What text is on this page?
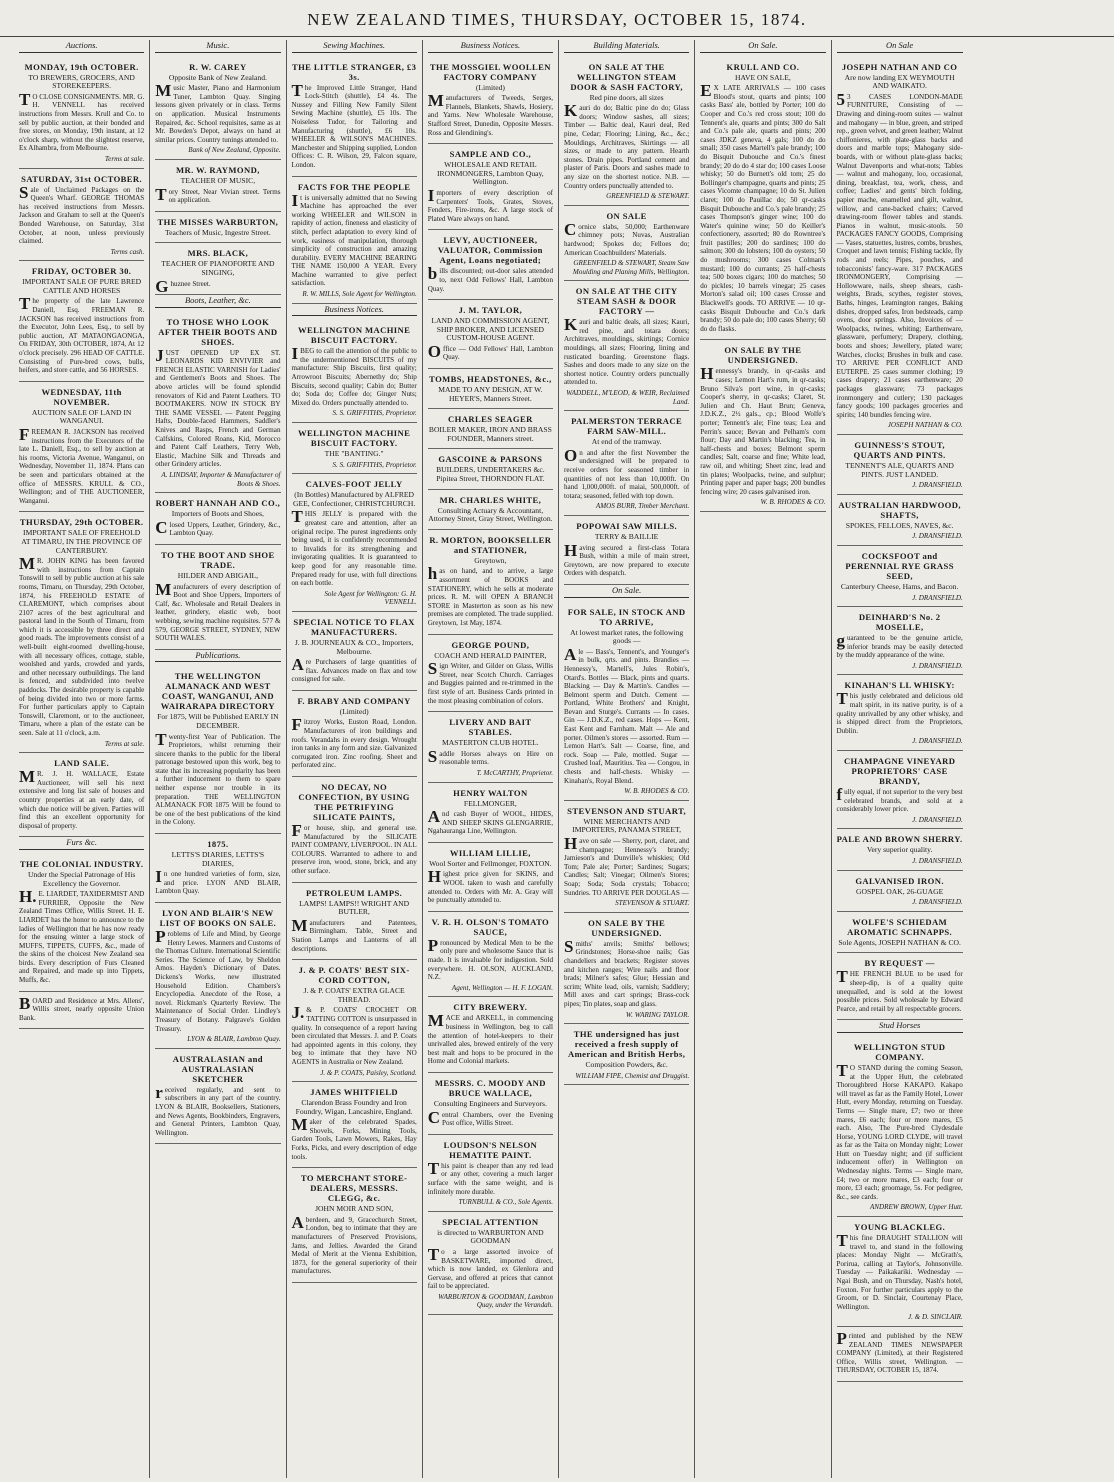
NEW ZEALAND TIMES, THURSDAY, OCTOBER 15, 1874.
Auctions.
MONDAY, 19th OCTOBER.
TO BREWERS, GROCERS, AND STOREKEEPERS.
TO CLOSE CONSIGNMENTS. MR. G. H. VENNELL has received instructions from Messrs. Krull and Co. to sell by public auction, at their bonded and free stores, on Monday, 19th instant, at 12 o'clock sharp, without the slightest reserve, Ex Alhambra, from Melbourne.
Terms at sale.
SATURDAY, 31st OCTOBER.
Sale of Unclaimed Packages on the Queen's Wharf. GEORGE THOMAS has received instructions from Messrs. Jackson and Graham to sell at the Queen's Bonded Warehouse, on Saturday, 31st October, at noon, unless previously claimed.
Terms cash.
FRIDAY, OCTOBER 30.
IMPORTANT SALE OF PURE BRED CATTLE AND HORSES
The property of the late Lawrence Daniell, Esq. FREEMAN R. JACKSON has received instructions from the Executor, John Lees, Esq., to sell by public auction, AT MATAONGAONGA, On FRIDAY, 30th OCTOBER, 1874, At 12 o'clock precisely. 296 HEAD OF CATTLE. Consisting of Pure-bred cows, bulls, heifers, and store cattle, and 56 HORSES.
WEDNESDAY, 11th NOVEMBER.
AUCTION SALE OF LAND IN WANGANUI.
FREEMAN R. JACKSON has received instructions from the Executors of the late L. Daniell, Esq., to sell by auction at his rooms, Victoria Avenue, Wanganui, on Wednesday, November 11, 1874. Plans can be seen and particulars obtained at the office of MESSRS. KRULL & CO., Wellington; and of THE AUCTIONEER, Wanganui.
THURSDAY, 29th OCTOBER.
IMPORTANT SALE OF FREEHOLD AT TIMARU, IN THE PROVINCE OF CANTERBURY.
MR. JOHN KING has been favored with instructions from Captain Tonswill to sell by public auction at his sale rooms, Timaru, on Thursday, 29th October, 1874, his FREEHOLD ESTATE of CLAREMONT, which comprises about 2107 acres of the best agricultural and pastoral land in the South of Timaru, from which it is accessible by three direct and good roads. The improvements consist of a well-built eight-roomed dwelling-house, with all necessary offices, cottage, stable, woolshed and yards, crowded and yards, and other necessary outbuildings. The land is fenced, and subdivided into twelve paddocks. The desirable property is capable of being divided into two or more farms. For further particulars apply to Captain Tonswill, Claremont, or to the auctioneer, Timaru, where a plan of the estate can be seen. Sale at 11 o'clock, a.m.
Terms at sale.
LAND SALE.
MR. J. H. WALLACE, Estate Auctioneer, will sell his next extensive and long list sale of houses and country properties at an early date, of which due notice will be given. Parties will find this an excellent opportunity for disposal of property.
Furs &c.
THE COLONIAL INDUSTRY.
Under the Special Patronage of His Excellency the Governor.
H.E. LIARDET, TAXIDERMIST AND FURRIER, Opposite the New Zealand Times Office, Willis Street. H. E. LIARDET has the honor to announce to the ladies of Wellington that he has now ready for the ensuing winter a large stock of MUFFS, TIPPETS, CUFFS, &c., made of the skins of the choicest New Zealand sea birds. Every description of Furs Cleaned and Repaired, and made up into Tippets, Muffs, &c.
BOARD and Residence at Mrs. Allens', Willis street, nearly opposite Union Bank.
Music.
R. W. CAREY
Opposite Bank of New Zealand.
Music Master, Piano and Harmonium Tuner, Lambton Quay. Singing lessons given privately or in class. Terms on application. Musical Instruments Repaired, &c. School requisites, same as at Mr. Bowden's Depot, always on hand at similar prices. Country tunings attended to.
Bank of New Zealand, Opposite.
MR. W. RAYMOND,
TEACHER OF MUSIC,
Tory Street, Near Vivian street. Terms on application.
THE MISSES WARBURTON,
Teachers of Music, Ingestre Street.
MRS. BLACK,
TEACHER OF PIANOFORTE AND SINGING,
Ghuznee Street.
Boots, Leather, &c.
TO THOSE WHO LOOK AFTER THEIR BOOTS AND SHOES.
JUST OPENED UP EX ST. LEONARDS KID ENVIVIER and FRENCH ELASTIC VARNISH for Ladies' and Gentlemen's Boots and Shoes. The above articles will be found splendid renovators of Kid and Patent Leathers. TO BOOTMAKERS. NOW IN STOCK BY THE SAME VESSEL — Patent Pegging Hafts, Double-faced Hammers, Saddler's Knives and Rasps, French and German Calfskins, Colored Roans, Kid, Morocco and Patent Calf Leathers, Terry Web, Elastic, Machine Silk and Threads and other Grindery articles.
A. LINDSAY, Importer & Manufacturer of Boots & Shoes.
ROBERT HANNAH AND CO.,
Importers of Boots and Shoes,
Closed Uppers, Leather, Grindery, &c., Lambton Quay.
TO THE BOOT AND SHOE TRADE.
HILDER AND ABIGAIL,
Manufacturers of every description of Boot and Shoe Uppers, Importers of Calf, &c. Wholesale and Retail Dealers in leather, grindery, elastic web, boot webbing, sewing machine requisites. 577 & 579, GEORGE STREET, SYDNEY, NEW SOUTH WALES.
Publications.
THE WELLINGTON ALMANACK AND WEST COAST, WANGANUI, AND WAIRARAPA DIRECTORY
For 1875, Will be Published EARLY IN DECEMBER.
Twenty-first Year of Publication. The Proprietors, whilst returning their sincere thanks to the public for the liberal patronage bestowed upon this work, beg to state that its increasing popularity has been a further inducement to them to spare neither expense nor trouble in its preparation. THE WELLINGTON ALMANACK FOR 1875 Will be found to be one of the best publications of the kind in the Colony.
1875.
LETTS'S DIARIES, LETTS'S DIARIES,
In one hundred varieties of form, size, and price. LYON AND BLAIR, Lambton Quay.
LYON AND BLAIR'S NEW LIST OF BOOKS ON SALE.
Problems of Life and Mind, by George Henry Lewes. Manners and Customs of the Thomas Culture. International Scientific Series. The Science of Law, by Sheldon Amos. Hayden's Dictionary of Dates. Dickens's Works, new illustrated Household Edition. Chambers's Encyclopedia. Anecdote of the Rose, a novel. Rickman's Quarterly Review. The Maintenance of Social Order. Lindley's Treasury of Botany. Palgrave's Golden Treasury.
LYON & BLAIR, Lambton Quay.
AUSTRALASIAN and AUSTRALASIAN SKETCHER
received regularly, and sent to subscribers in any part of the country. LYON & BLAIR, Booksellers, Stationers, and News Agents, Bookbinders, Engravers, and General Printers, Lambton Quay, Wellington.
Sewing Machines.
THE LITTLE STRANGER, £3 3s.
The Improved Little Stranger, Hand Lock-Stitch (shuttle), £4 4s. The Nussey and Filling New Family Silent Sewing Machine (shuttle), £5 10s. The Noiseless Tudor, for Tailoring and Manufacturing (shuttle), £6 10s. WHEELER & WILSON'S MACHINES. Manchester and Shipping supplied, London Offices: C. R. Wilson, 29, Falcon square, London.
FACTS FOR THE PEOPLE
It is universally admitted that no Sewing Machine has approached the ever working WHEELER and WILSON in rapidity of action, fineness and elasticity of stitch, perfect adaptation to every kind of work, easiness of manipulation, thorough simplicity of construction and amazing durability. EVERY MACHINE BEARING THE NAME 150,000 A YEAR. Every Machine warranted to give perfect satisfaction.
R. W. MILLS, Sole Agent for Wellington.
Business Notices.
WELLINGTON MACHINE BISCUIT FACTORY.
IBEG to call the attention of the public to the undermentioned BISCUITS of my manufacture: Ship Biscuits, first quality; Arrowroot Biscuits; Abernethy do; Ship Biscuits, second quality; Cabin do; Butter do; Soda do; Coffee do; Ginger Nuts; Mixed do. Orders punctually attended to.
S. S. GRIFFITHS, Proprietor.
WELLINGTON MACHINE BISCUIT FACTORY.
THE "BANTING."
S. S. GRIFFITHS, Proprietor.
CALVES-FOOT JELLY
(In Bottles) Manufactured by ALFRED GEE, Confectioner, CHRISTCHURCH.
THIS JELLY is prepared with the greatest care and attention, after an original recipe. The purest ingredients only being used, it is confidently recommended to Invalids for its strengthening and invigorating qualities. It is guaranteed to keep good for any reasonable time. Prepared ready for use, with full directions on each bottle.
Sole Agent for Wellington: G. H. VENNELL.
SPECIAL NOTICE TO FLAX MANUFACTURERS.
J. B. JOURNEAUX & CO., Importers, Melbourne.
Are Purchasers of large quantities of flax. Advances made on flax and tow consigned for sale.
F. BRABY AND COMPANY
(Limited)
Fitzroy Works, Euston Road, London. Manufacturers of iron buildings and roofs. Verandahs in every design. Wrought iron tanks in any form and size. Galvanized corrugated iron. Zinc roofing. Sheet and perforated zinc.
NO DECAY, NO CONFECTION, BY USING THE PETRIFYING SILICATE PAINTS,
For house, ship, and general use. Manufactured by the SILICATE PAINT COMPANY, LIVERPOOL. IN ALL COLOURS. Warranted to adhere to and preserve iron, wood, stone, brick, and any other surface.
PETROLEUM LAMPS.
LAMPS! LAMPS!! WRIGHT AND BUTLER,
Manufacturers and Patentees, Birmingham. Table, Street and Station Lamps and Lanterns of all descriptions.
J. & P. COATS' BEST SIX-CORD COTTON,
J. & P. COATS' EXTRA GLACE THREAD.
J.& P. COATS' CROCHET OR TATTING COTTON is unsurpassed in quality. In consequence of a report having been circulated that Messrs. J. and P. Coats had appointed agents in this colony, they beg to intimate that they have NO AGENTS in Australia or New Zealand.
J. & P. COATS, Paisley, Scotland.
JAMES WHITFIELD
Clarendon Brass Foundry and Iron Foundry, Wigan, Lancashire, England.
Maker of the celebrated Spades, Shovels, Forks, Mining Tools, Garden Tools, Lawn Mowers, Rakes, Hay Forks, Picks, and every description of edge tools.
TO MERCHANT STORE-DEALERS, MESSRS. CLEGG, &c.
JOHN MOIR AND SON,
Aberdeen, and 9, Gracechurch Street, London, beg to intimate that they are manufacturers of Preserved Provisions, Jams, and Jellies. Awarded the Grand Medal of Merit at the Vienna Exhibition, 1873, for the general superiority of their manufactures.
Business Notices.
THE MOSSGIEL WOOLLEN FACTORY COMPANY
(Limited)
Manufacturers of Tweeds, Serges, Flannels, Blankets, Shawls, Hosiery, and Yarns. New Wholesale Warehouse, Stafford Street, Dunedin, Opposite Messrs. Ross and Glendining's.
SAMPLE AND CO.,
WHOLESALE AND RETAIL IRONMONGERS, Lambton Quay, Wellington.
Importers of every description of Carpenters' Tools, Grates, Stoves, Fenders, Fire-irons, &c. A large stock of Plated Ware always on hand.
LEVY, AUCTIONEER, VALUATOR, Commission Agent, Loans negotiated;
bills discounted; out-door sales attended to, next Odd Fellows' Hall, Lambton Quay.
J. M. TAYLOR,
LAND AND COMMISSION AGENT, SHIP BROKER, AND LICENSED CUSTOM-HOUSE AGENT.
Office — Odd Fellows' Hall, Lambton Quay.
TOMBS, HEADSTONES, &c.,
MADE TO ANY DESIGN, AT W. HEYER'S, Manners Street.
CHARLES SEAGER
BOILER MAKER, IRON AND BRASS FOUNDER, Manners street.
GASCOINE & PARSONS
BUILDERS, UNDERTAKERS &c. Pipitea Street, THORNDON FLAT.
MR. CHARLES WHITE,
Consulting Actuary & Accountant, Attorney Street, Gray Street, Wellington.
R. MORTON, BOOKSELLER and STATIONER,
Greytown,
has on hand, and to arrive, a large assortment of BOOKS and STATIONERY, which he sells at moderate prices. R. M. will OPEN A BRANCH STORE in Masterton as soon as his new premises are completed. The trade supplied. Greytown, 1st May, 1874.
GEORGE POUND,
COACH AND HERALD PAINTER,
Sign Writer, and Gilder on Glass, Willis Street, near Scotch Church. Carriages and Buggies painted and re-trimmed in the first style of art. Business Cards printed in the most pleasing combination of colors.
LIVERY AND BAIT STABLES.
MASTERTON CLUB HOTEL.
Saddle Horses always on Hire on reasonable terms.
T. McCARTHY, Proprietor.
HENRY WALTON
FELLMONGER,
And cash Buyer of WOOL, HIDES, AND SHEEP SKINS GLENGARRIE, Ngahauranga Line, Wellington.
WILLIAM LILLIE,
Wool Sorter and Fellmonger, FOXTON.
Highest price given for SKINS, and WOOL taken to wash and carefully attended to. Orders with Mr. A. Gray will be punctually attended to.
V. R. H. OLSON'S TOMATO SAUCE,
Pronounced by Medical Men to be the only pure and wholesome Sauce that is made. It is invaluable for indigestion. Sold everywhere. H. OLSON, AUCKLAND, N.Z.
Agent, Wellington — H. F. LOGAN.
CITY BREWERY.
MACE and ARKELL, in commencing business in Wellington, beg to call the attention of hotel-keepers to their unrivalled ales, brewed entirely of the very best malt and hops to be procured in the Home and Colonial markets.
MESSRS. C. MOODY AND BRUCE WALLACE,
Consulting Engineers and Surveyors.
Central Chambers, over the Evening Post office, Willis Street.
LOUDSON'S NELSON HEMATITE PAINT.
This paint is cheaper than any red lead or any other, covering a much larger surface with the same weight, and is infinitely more durable.
TURNBULL & CO., Sole Agents.
SPECIAL ATTENTION
is directed to WARBURTON AND GOODMAN
To a large assorted invoice of BASKETWARE, imported direct, which is now landed, ex Glenlora and Gervase, and offered at prices that cannot fail to be appreciated.
WARBURTON & GOODMAN, Lambton Quay, under the Verandah.
Building Materials.
ON SALE AT THE WELLINGTON STEAM DOOR & SASH FACTORY,
Red pine doors, all sizes
Kauri do do; Baltic pine do do; Glass doors; Window sashes, all sizes; Timber — Baltic deal, Kauri deal, Red pine, Cedar; Flooring; Lining, &c., &c.; Mouldings, Architraves, Skirtings — all sizes, or made to any pattern. Hearth stones. Drain pipes. Portland cement and plaster of Paris. Doors and sashes made to any size on the shortest notice. N.B. — Country orders punctually attended to.
GREENFIELD & STEWART.
ON SALE
Cornice slabs, 50,000; Earthenware chimney pots; Nuvas, Australian hardwood; Spokes do; Felloes do; American Coachbuilders' Materials.
GREENFIELD & STEWART, Steam Saw Moulding and Planing Mills, Wellington.
ON SALE AT THE CITY STEAM SASH & DOOR FACTORY —
Kauri and baltic deals, all sizes; Kauri, red pine, and totara doors; Architraves, mouldings, skirtings; Cornice mouldings, all sizes; Flooring, lining and rusticated boarding. Greenstone flags. Sashes and doors made to any size on the shortest notice. Country orders punctually attended to.
WADDELL, M'LEOD, & WEIR, Reclaimed Land.
PALMERSTON TERRACE FARM SAW-MILL.
At end of the tramway.
On and after the first November the undersigned will be prepared to receive orders for seasoned timber in quantities of not less than 10,000ft. On hand 1,000,000ft. of maiai, 500,000ft. of totara; seasoned, felled with top down.
AMOS BURR, Timber Merchant.
POPOWAI SAW MILLS.
TERRY & BAILLIE
Having secured a first-class Totara Bush, within a mile of main street, Greytown, are now prepared to execute Orders with despatch.
On Sale.
FOR SALE, IN STOCK AND TO ARRIVE,
At lowest market rates, the following goods —
Ale — Bass's, Tennent's, and Younger's in bulk, qrts. and pints. Brandies — Hennessy's, Martell's, Jules Robin's, Otard's. Bottles — Black, pints and quarts. Blacking — Day & Martin's. Candles — Belmont sperm and Dutch. Cement — Portland, White Brothers' and Knight, Bevan and Sturge's. Currants — In cases. Gin — J.D.K.Z., red cases. Hops — Kent, East Kent and Farnham. Malt — Ale and porter. Oilmen's stores — assorted. Rum — Lemon Hart's. Salt — Coarse, fine, and rock. Soap — Pale, mottled. Sugar — Crushed loaf, Mauritius. Tea — Congou, in chests and half-chests. Whisky — Kinahan's, Royal Blend.
W. B. RHODES & CO.
STEVENSON AND STUART,
WINE MERCHANTS AND IMPORTERS, PANAMA STREET,
Have on sale — Sherry, port, claret, and champagne; Hennessy's brandy; Jamieson's and Dunville's whiskies; Old Tom; Pale ale; Porter; Sardines; Sugars; Candles; Salt; Vinegar; Oilmen's Stores; Soap; Soda; Soda crystals; Tobacco; Sundries. TO ARRIVE PER DOUGLAS —
STEVENSON & STUART.
ON SALE BY THE UNDERSIGNED.
Smiths' anvils; Smiths' bellows; Grindstones; Horse-shoe nails; Gas chandeliers and brackets; Register stoves and kitchen ranges; Wire nails and floor brads; Milner's safes; Glue; Hessian and scrim; White lead, oils, varnish; Saddlery; Mill axes and cart springs; Brass-cock pipes; Tin plates, soap and glass.
W. WARING TAYLOR.
THE undersigned has just received a fresh supply of American and British Herbs,
Composition Powders, &c.
WILLIAM FIPE, Chemist and Druggist.
On Sale.
KRULL AND CO.
HAVE ON SALE,
EX LATE ARRIVALS — 100 cases Blood's stout, quarts and pints; 100 casks Bass' ale, bottled by Porter; 100 do Cooper and Co.'s red cross stout; 100 do Tennent's ale, quarts and pints; 300 do Salt and Co.'s pale ale, quarts and pints; 200 cases JDKZ geneva, 4 gals; 100 do do small; 350 cases Martell's pale brandy; 100 do Bisquit Dubouche and Co.'s finest brandy; 20 do do 4 star do; 100 cases Loose whisky; 50 do Burnett's old tom; 25 do Bollinger's champagne, quarts and pints; 25 cases Vicomte champagne; 10 do St. Julien claret; 100 do Pauillac do; 50 qr-casks Bisquit Dubouche and Co.'s pale brandy; 25 cases Thompson's ginger wine; 100 do Water's quinine wine; 50 do Keiller's confectionery, assorted; 80 do Rowntree's fruit pastilles; 200 do sardines; 100 do salmon; 300 do lobsters; 100 do oysters; 50 do mushrooms; 300 cases Colman's mustard; 100 do currants; 25 half-chests tea; 500 boxes cigars; 100 do matches; 50 do pickles; 10 barrels vinegar; 25 cases Morton's salad oil; 100 cases Crosse and Blackwell's goods. TO ARRIVE — 10 qr-casks Bisquit Dubouche and Co.'s dark brandy; 50 do pale do; 100 cases Sherry; 60 do do flasks.
ON SALE BY THE UNDERSIGNED.
Hennessy's brandy, in qr-casks and cases; Lemon Hart's rum, in qr-casks; Bruno Silva's port wine, in qr-casks; Cooper's sherry, in qr-casks; Claret, St. Julien and Ch. Haut Brun; Geneva, J.D.K.Z., 2½ gals., cp.; Blood Wolfe's porter; Tennent's ale; Fine teas; Lea and Perrin's sauce; Bevan and Pelham's corn flour; Day and Martin's blacking; Tea, in half-chests and boxes; Belmont sperm candles; Salt, coarse and fine; White lead, raw oil, and whiting; Sheet zinc, lead and tin plates; Woolpacks, twine, and sulphur; Printing paper and paper bags; 200 bundles fencing wire; 20 cases galvanised iron.
W. B. RHODES & CO.
On Sale
JOSEPH NATHAN AND CO
Are now landing EX WEYMOUTH AND WAIKATO.
53 CASES LONDON-MADE FURNITURE, Consisting of — Drawing and dining-room suites — walnut and mahogany — in blue, green, and striped rep., green velvet, and green leather; Walnut chiffonieres, with plate-glass backs and doors and marble tops; Mahogany side-boards, with or without plate-glass backs; Walnut Davenports and what-nots; Tables — walnut and mahogany, loo, occasional, dining, breakfast, tea, work, chess, and coffee; Ladies' and gents' birch folding, papier mache, enamelled and gilt, walnut, willow, and cane-backed chairs; Carved drawing-room flower tables and stands. Pianos in walnut, music-stools. 50 PACKAGES FANCY GOODS, Comprising — Vases, statuettes, lustres, combs, brushes, Croquet and lawn tennis; Fishing tackle, fly rods and reels; Pipes, pouches, and tobacconists' fancy-ware. 317 PACKAGES IRONMONGERY, Comprising — Hollowware, nails, sheep shears, cash-weights, Brads, scythes, register stoves, Baths, hinges, Leamington ranges, Baking dishes, dropped safes, Iron bedsteads, camp ovens, door springs. Also, Invoices of — Woolpacks, twines, whiting; Earthenware, glassware, perfumery; Drapery, clothing, boots and shoes; Jewellery, plated ware; Watches, clocks; Brushes in bulk and case. TO ARRIVE PER CONFLICT AND EUTERPE. 25 cases summer clothing; 19 cases drapery; 21 cases earthenware; 20 packages glassware; 73 packages ironmongery and cutlery; 130 packages fancy goods; 100 packages groceries and spirits; 140 bundles fencing wire.
JOSEPH NATHAN & CO.
GUINNESS'S STOUT, QUARTS AND PINTS.
TENNENT'S ALE, QUARTS AND PINTS. JUST LANDED.
J. DRANSFIELD.
AUSTRALIAN HARDWOOD, SHAFTS,
SPOKES, FELLOES, NAVES, &c.
J. DRANSFIELD.
COCKSFOOT and PERENNIAL RYE GRASS SEED,
Canterbury Cheese, Hams, and Bacon.
J. DRANSFIELD.
DEINHARD'S No. 2 MOSELLE,
guaranteed to be the genuine article, inferior brands may be easily detected by the muddy appearance of the wine.
J. DRANSFIELD.
KINAHAN'S LL WHISKY:
This justly celebrated and delicious old malt spirit, in its native purity, is of a quality unrivalled by any other whisky, and is shipped direct from the Proprietors, Dublin.
J. DRANSFIELD.
CHAMPAGNE VINEYARD PROPRIETORS' CASE BRANDY,
fully equal, if not superior to the very best celebrated brands, and sold at a considerably lower price.
J. DRANSFIELD.
PALE AND BROWN SHERRY.
Very superior quality.
J. DRANSFIELD.
GALVANISED IRON.
GOSPEL OAK, 26-GUAGE
J. DRANSFIELD.
WOLFE'S SCHIEDAM AROMATIC SCHNAPPS.
Sole Agents, JOSEPH NATHAN & CO.
BY REQUEST —
THE FRENCH BLUE to be used for sheep-dip, is of a quality quite unequalled, and is sold at the lowest possible prices. Sold wholesale by Edward Pearce, and retail by all respectable grocers.
Stud Horses
WELLINGTON STUD COMPANY.
TO STAND during the coming Season, at the Upper Hutt, the celebrated Thoroughbred Horse KAKAPO. Kakapo will travel as far as the Family Hotel, Lower Hutt, every Monday, returning on Tuesday. Terms — Single mare, £7; two or three mares, £6 each; four or more mares, £5 each. Also, The Pure-bred Clydesdale Horse, YOUNG LORD CLYDE, will travel as far as the Taita on Monday night; Lower Hutt on Tuesday night; and (if sufficient inducement offer) in Wellington on Wednesday nights. Terms — Single mare, £4; two or more mares, £3 each; four or more, £3 each; groomage, 5s. For pedigree, &c., see cards.
ANDREW BROWN, Upper Hutt.
YOUNG BLACKLEG.
This fine DRAUGHT STALLION will travel to, and stand in the following places: Monday Night — McGrath's, Porirua, calling at Taylor's, Johnsonville. Tuesday — Paikakariki. Wednesday — Ngai Bush, and on Thursday, Nash's hotel, Foxton. For further particulars apply to the Groom, or D. Sinclair, Courtenay Place, Wellington.
J. & D. SINCLAIR.
Printed and published by the NEW ZEALAND TIMES NEWSPAPER COMPANY (Limited), at their Registered Office, Willis street, Wellington. — THURSDAY, OCTOBER 15, 1874.
